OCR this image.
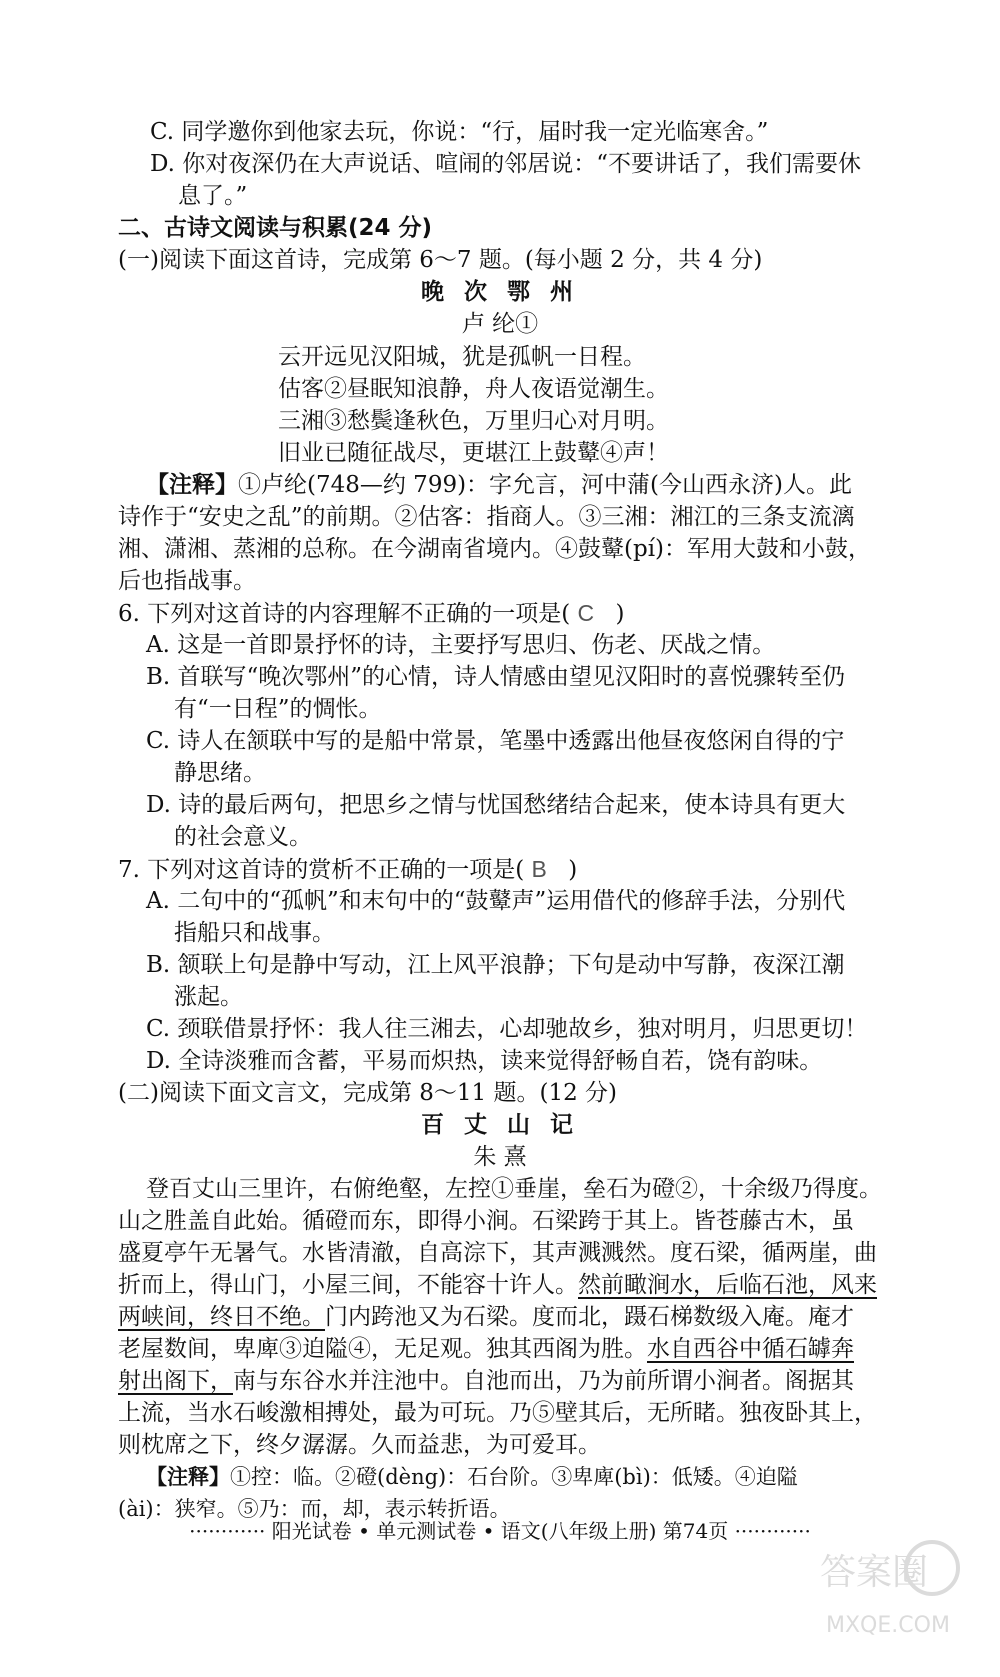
C. 同学邀你到他家去玩，你说：“行，届时我一定光临寒舍。”
D. 你对夜深仍在大声说话、喧闹的邻居说：“不要讲话了，我们需要休
息了。”
二、古诗文阅读与积累(24 分)
(一)阅读下面这首诗，完成第 6～7 题。(每小题 2 分，共 4 分)
晚 次 鄂 州
卢 纶①
云开远见汉阳城，犹是孤帆一日程。
估客②昼眠知浪静，舟人夜语觉潮生。
三湘③愁鬓逢秋色，万里归心对月明。
旧业已随征战尽，更堪江上鼓鼙④声！
【注释】①卢纶(748—约 799)：字允言，河中蒲(今山西永济)人。此
诗作于“安史之乱”的前期。②估客：指商人。③三湘：湘江的三条支流漓
湘、潇湘、蒸湘的总称。在今湖南省境内。④鼓鼙(pí)：军用大鼓和小鼓，
后也指战事。
6. 下列对这首诗的内容理解不正确的一项是( C )
A. 这是一首即景抒怀的诗，主要抒写思归、伤老、厌战之情。
B. 首联写“晚次鄂州”的心情，诗人情感由望见汉阳时的喜悦骤转至仍
有“一日程”的惆怅。
C. 诗人在颔联中写的是船中常景，笔墨中透露出他昼夜悠闲自得的宁
静思绪。
D. 诗的最后两句，把思乡之情与忧国愁绪结合起来，使本诗具有更大
的社会意义。
7. 下列对这首诗的赏析不正确的一项是( B )
A. 二句中的“孤帆”和末句中的“鼓鼙声”运用借代的修辞手法，分别代
指船只和战事。
B. 颔联上句是静中写动，江上风平浪静；下句是动中写静，夜深江潮
涨起。
C. 颈联借景抒怀：我人往三湘去，心却驰故乡，独对明月，归思更切！
D. 全诗淡雅而含蓄，平易而炽热，读来觉得舒畅自若，饶有韵味。
(二)阅读下面文言文，完成第 8～11 题。(12 分)
百 丈 山 记
朱 熹
登百丈山三里许，右俯绝壑，左控①垂崖，垒石为磴②，十余级乃得度。
山之胜盖自此始。循磴而东，即得小涧。石梁跨于其上。皆苍藤古木，虽
盛夏亭午无暑气。水皆清澈，自高淙下，其声溅溅然。度石梁，循两崖，曲
折而上，得山门，小屋三间，不能容十许人。然前瞰涧水，后临石池，风来
两峡间，终日不绝。门内跨池又为石梁。度而北，蹑石梯数级入庵。庵才
老屋数间，卑庳③迫隘④，无足观。独其西阁为胜。水自西谷中循石罅奔
射出阁下，南与东谷水并注池中。自池而出，乃为前所谓小涧者。阁据其
上流，当水石峻激相搏处，最为可玩。乃⑤壁其后，无所睹。独夜卧其上，
则枕席之下，终夕潺潺。久而益悲，为可爱耳。
【注释】①控：临。②磴(dèng)：石台阶。③卑庳(bì)：低矮。④迫隘
(ài)：狭窄。⑤乃：而，却，表示转折语。
············ 阳光试卷 • 单元测试卷 • 语文(八年级上册) 第74页 ············
答案圈
MXQE.COM
